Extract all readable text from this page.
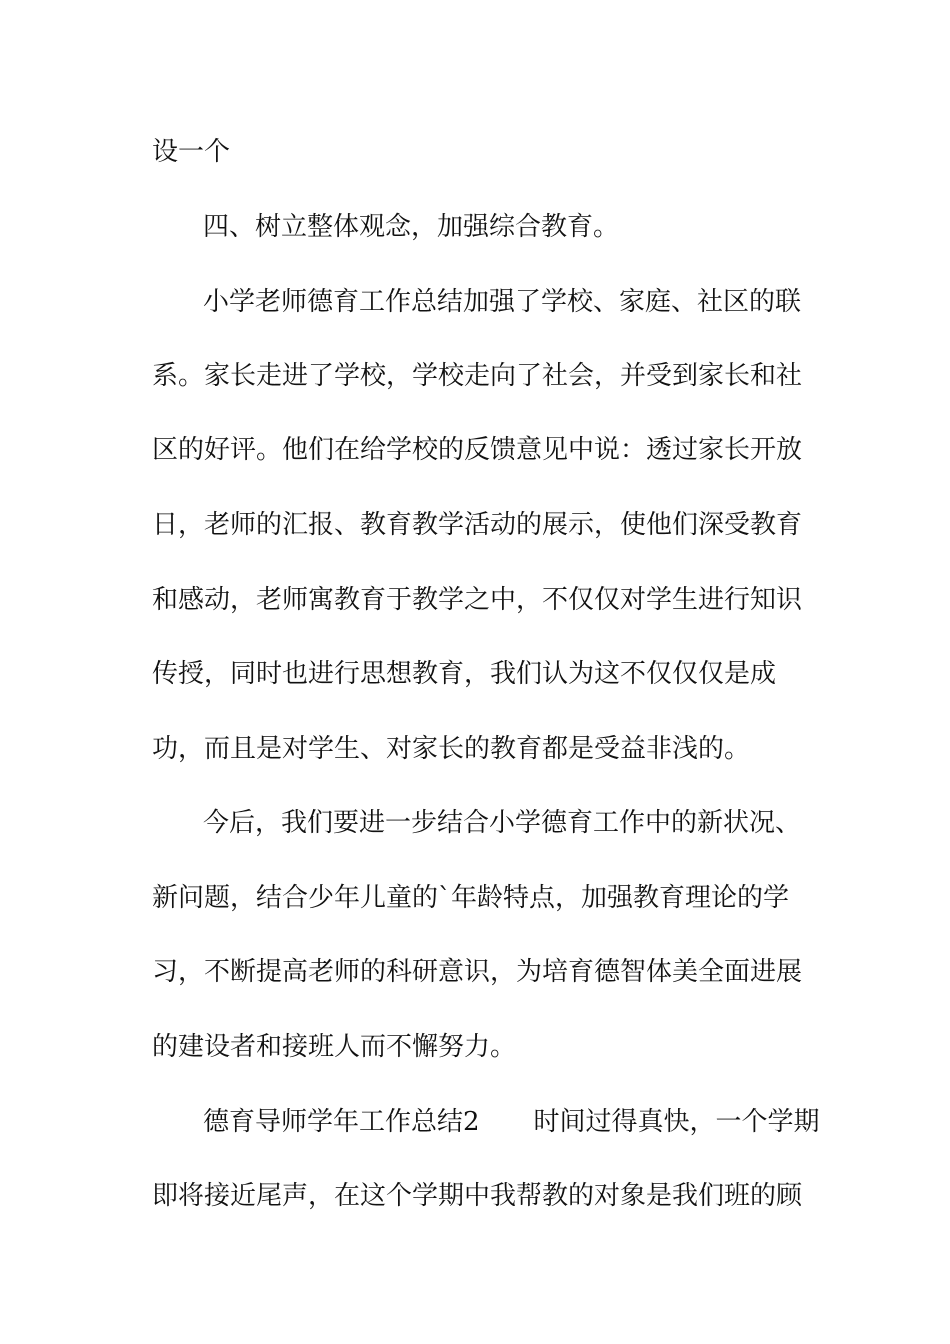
设一个
四、树立整体观念，加强综合教育。
小学老师德育工作总结加强了学校、家庭、社区的联
系。家长走进了学校，学校走向了社会，并受到家长和社
区的好评。他们在给学校的反馈意见中说：透过家长开放
日，老师的汇报、教育教学活动的展示，使他们深受教育
和感动，老师寓教育于教学之中，不仅仅对学生进行知识
传授，同时也进行思想教育，我们认为这不仅仅仅是成
功，而且是对学生、对家长的教育都是受益非浅的。
今后，我们要进一步结合小学德育工作中的新状况、
新问题，结合少年儿童的`年龄特点，加强教育理论的学
习，不断提高老师的科研意识，为培育德智体美全面进展
的建设者和接班人而不懈努力。
德育导师学年工作总结2 时间过得真快，一个学期
即将接近尾声，在这个学期中我帮教的对象是我们班的顾
